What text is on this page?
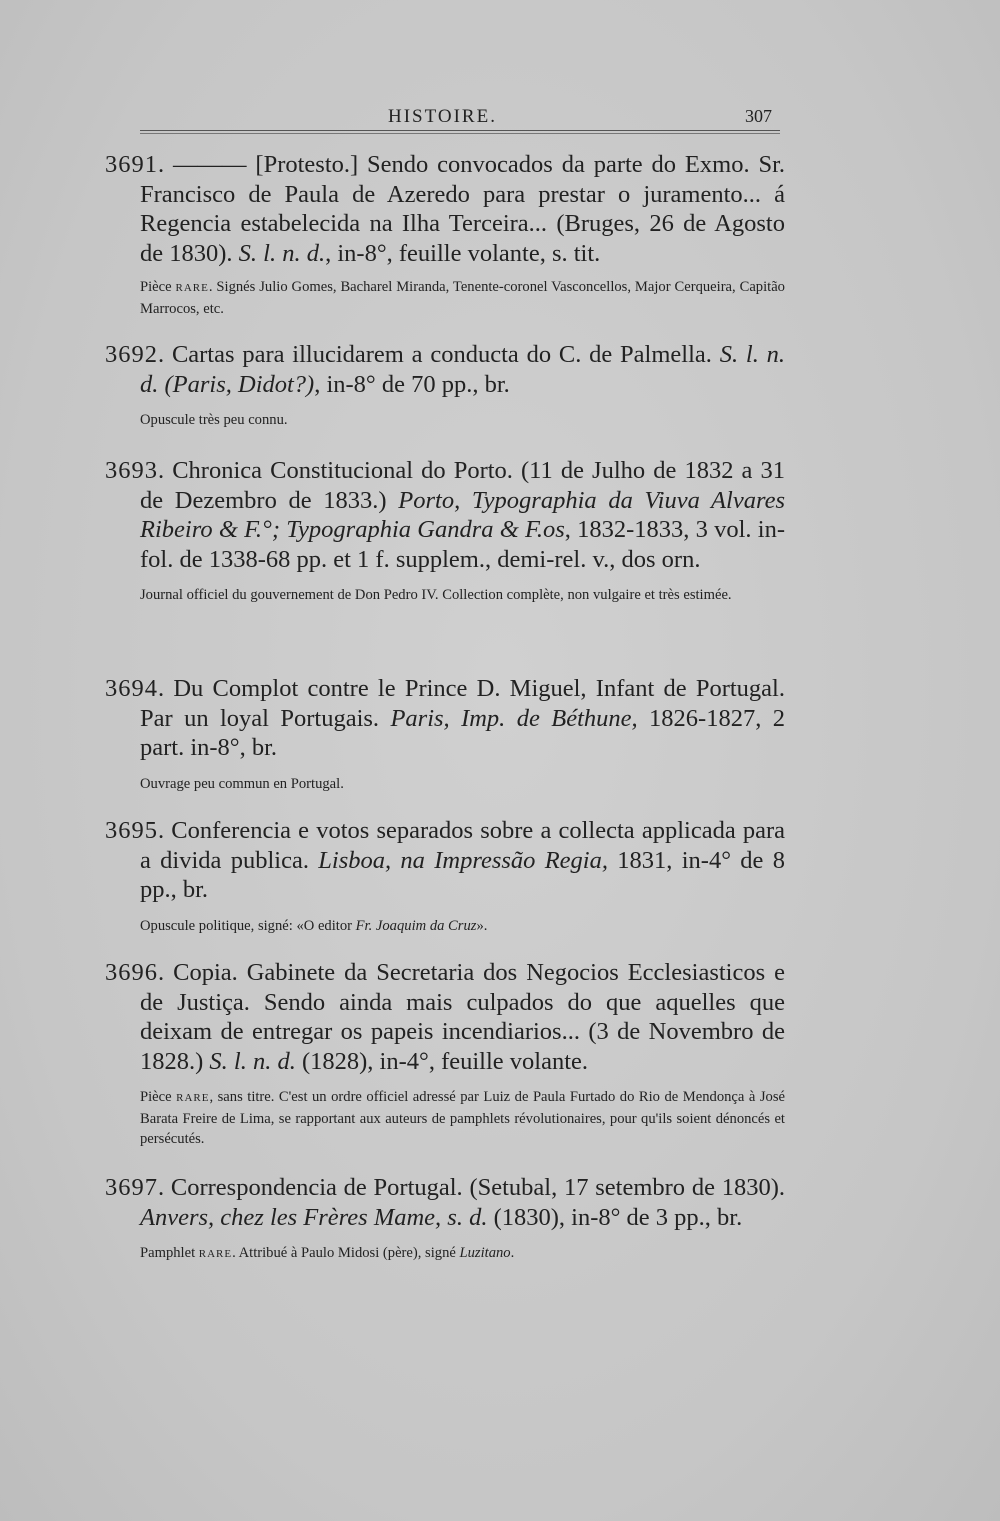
HISTOIRE.	307

3691. ——— [Protesto.] Sendo convocados da parte do Exmo. Sr. Francisco de Paula de Azeredo para prestar o juramento... á Regencia estabelecida na Ilha Terceira... (Bruges, 26 de Agosto de 1830). S. l. n. d., in-8°, feuille volante, s. tit.

Pièce RARE. Signés Julio Gomes, Bacharel Miranda, Tenente-coronel Vasconcellos, Major Cerqueira, Capitão Marrocos, etc.

3692. Cartas para illucidarem a conducta do C. de Palmella. S. l. n. d. (Paris, Didot?), in-8° de 70 pp., br.

Opuscule très peu connu.

3693. Chronica Constitucional do Porto. (11 de Julho de 1832 a 31 de Dezembro de 1833.) Porto, Typographia da Viuva Alvares Ribeiro & F.°; Typographia Gandra & F.os, 1832-1833, 3 vol. in-fol. de 1338-68 pp. et 1 f. supplem., demi-rel. v., dos orn.

Journal officiel du gouvernement de Don Pedro IV. Collection complète, non vulgaire et très estimée.

3694. Du Complot contre le Prince D. Miguel, Infant de Portugal. Par un loyal Portugais. Paris, Imp. de Béthune, 1826-1827, 2 part. in-8°, br.

Ouvrage peu commun en Portugal.

3695. Conferencia e votos separados sobre a collecta applicada para a divida publica. Lisboa, na Impressão Regia, 1831, in-4° de 8 pp., br.

Opuscule politique, signé: «O editor Fr. Joaquim da Cruz».

3696. Copia. Gabinete da Secretaria dos Negocios Ecclesiasticos e de Justiça. Sendo ainda mais culpados do que aquelles que deixam de entregar os papeis incendiarios... (3 de Novembro de 1828.) S. l. n. d. (1828), in-4°, feuille volante.

Pièce RARE, sans titre. C'est un ordre officiel adressé par Luiz de Paula Furtado do Rio de Mendonça à José Barata Freire de Lima, se rapportant aux auteurs de pamphlets révolutionaires, pour qu'ils soient dénoncés et persécutés.

3697. Correspondencia de Portugal. (Setubal, 17 setembro de 1830). Anvers, chez les Frères Mame, s. d. (1830), in-8° de 3 pp., br.

Pamphlet RARE. Attribué à Paulo Midosi (père), signé Luzitano.
